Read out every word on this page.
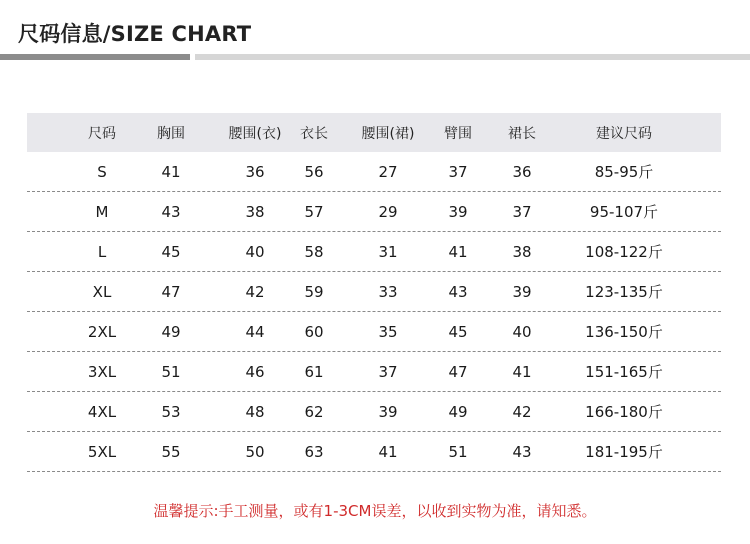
尺码信息/SIZE CHART
尺码	胸围	腰围(衣)	衣长	腰围(裙)	臂围	裙长	建议尺码
S	41	36	56	27	37	36	85-95斤
M	43	38	57	29	39	37	95-107斤
L	45	40	58	31	41	38	108-122斤
XL	47	42	59	33	43	39	123-135斤
2XL	49	44	60	35	45	40	136-150斤
3XL	51	46	61	37	47	41	151-165斤
4XL	53	48	62	39	49	42	166-180斤
5XL	55	50	63	41	51	43	181-195斤
温馨提示:手工测量，或有1-3CM误差，以收到实物为准，请知悉。
